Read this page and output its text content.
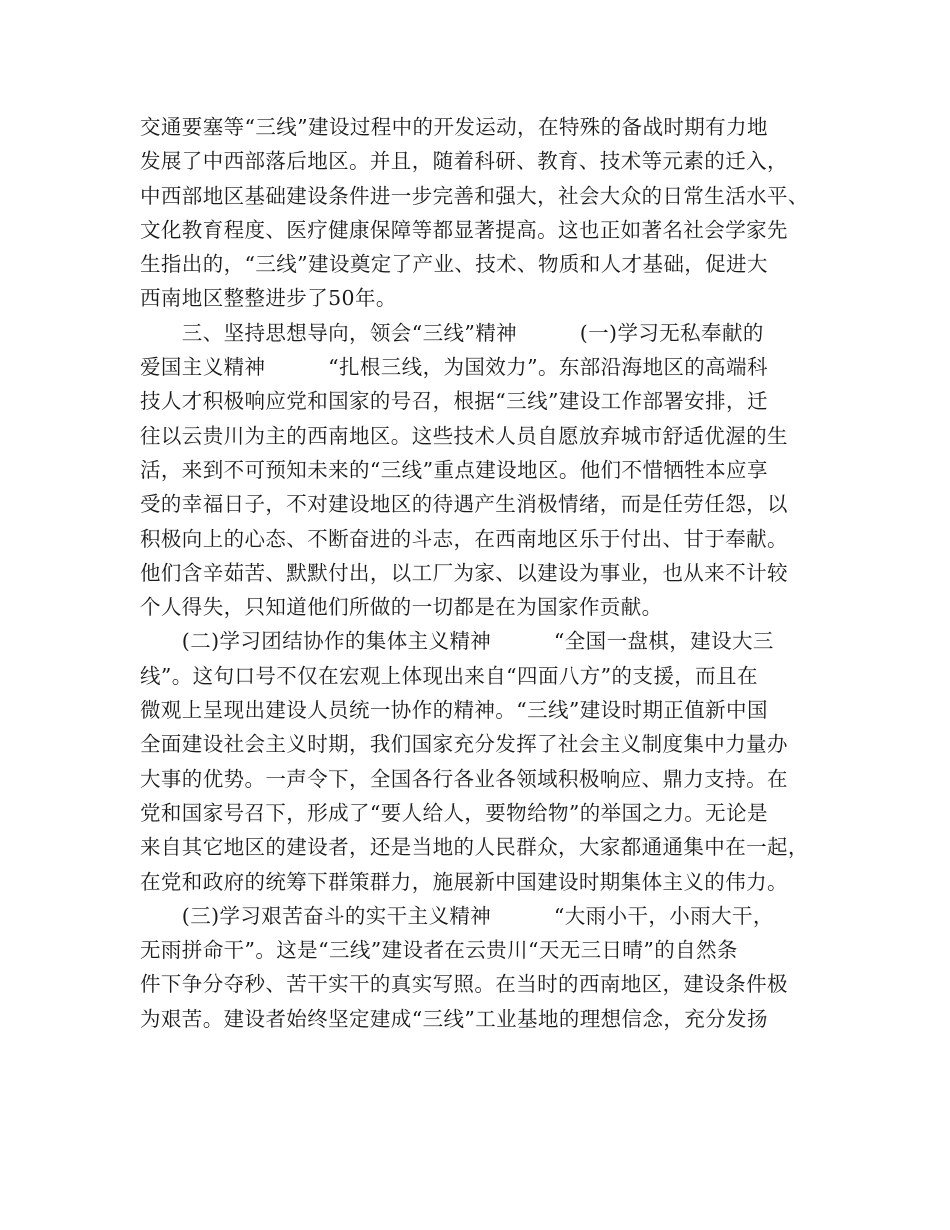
交通要塞等“三线”建设过程中的开发运动，在特殊的备战时期有力地
发展了中西部落后地区。并且，随着科研、教育、技术等元素的迁入，
中西部地区基础建设条件进一步完善和强大，社会大众的日常生活水平、
文化教育程度、医疗健康保障等都显著提高。这也正如著名社会学家先
生指出的，“三线”建设奠定了产业、技术、物质和人才基础，促进大
西南地区整整进步了50年。
　　三、坚持思想导向，领会“三线”精神　　　(一)学习无私奉献的
爱国主义精神　　　“扎根三线，为国效力”。东部沿海地区的高端科
技人才积极响应党和国家的号召，根据“三线”建设工作部署安排，迁
往以云贵川为主的西南地区。这些技术人员自愿放弃城市舒适优渥的生
活，来到不可预知未来的“三线”重点建设地区。他们不惜牺牲本应享
受的幸福日子，不对建设地区的待遇产生消极情绪，而是任劳任怨，以
积极向上的心态、不断奋进的斗志，在西南地区乐于付出、甘于奉献。
他们含辛茹苦、默默付出，以工厂为家、以建设为事业，也从来不计较
个人得失，只知道他们所做的一切都是在为国家作贡献。
　　(二)学习团结协作的集体主义精神　　　“全国一盘棋，建设大三
线”。这句口号不仅在宏观上体现出来自“四面八方”的支援，而且在
微观上呈现出建设人员统一协作的精神。“三线”建设时期正值新中国
全面建设社会主义时期，我们国家充分发挥了社会主义制度集中力量办
大事的优势。一声令下，全国各行各业各领域积极响应、鼎力支持。在
党和国家号召下，形成了“要人给人，要物给物”的举国之力。无论是
来自其它地区的建设者，还是当地的人民群众，大家都通通集中在一起，
在党和政府的统筹下群策群力，施展新中国建设时期集体主义的伟力。
　　(三)学习艰苦奋斗的实干主义精神　　　“大雨小干，小雨大干，
无雨拼命干”。这是“三线”建设者在云贵川“天无三日晴”的自然条
件下争分夺秒、苦干实干的真实写照。在当时的西南地区，建设条件极
为艰苦。建设者始终坚定建成“三线”工业基地的理想信念，充分发扬
